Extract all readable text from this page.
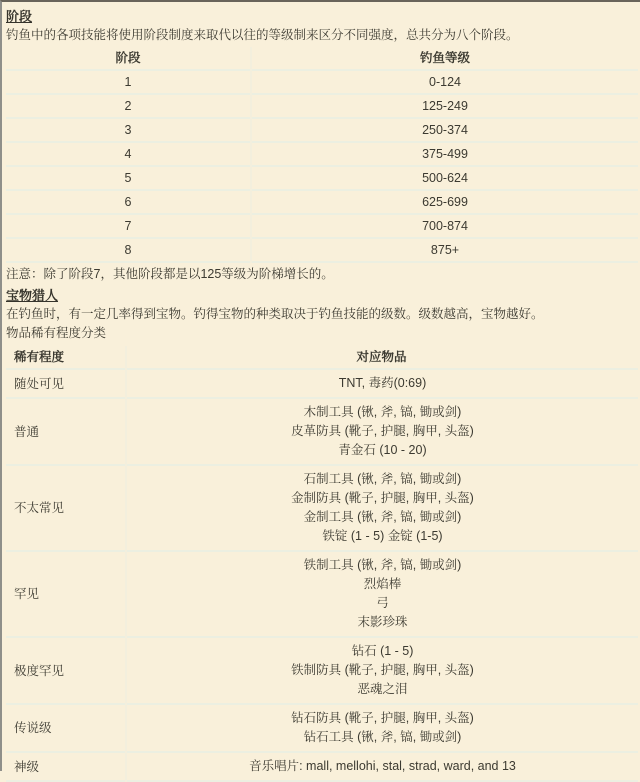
阶段

钓鱼中的各项技能将使用阶段制度来取代以往的等级制来区分不同强度，总共分为八个阶段。

阶段	钓鱼等级
1	0-124
2	125-249
3	250-374
4	375-499
5	500-624
6	625-699
7	700-874
8	875+

注意：除了阶段7，其他阶段都是以125等级为阶梯增长的。

宝物猎人

在钓鱼时，有一定几率得到宝物。钓得宝物的种类取决于钓鱼技能的级数。级数越高，宝物越好。

物品稀有程度分类

稀有程度	对应物品
随处可见	TNT, 毒药(0:69)

普通	木制工具 (锹, 斧, 镐, 锄或剑)
皮革防具 (靴子, 护腿, 胸甲, 头盔)
青金石 (10 - 20)

不太常见	石制工具 (锹, 斧, 镐, 锄或剑)
金制防具 (靴子, 护腿, 胸甲, 头盔)
金制工具 (锹, 斧, 镐, 锄或剑)
铁锭 (1 - 5) 金锭 (1-5)

罕见	铁制工具 (锹, 斧, 镐, 锄或剑)
烈焰棒
弓
末影珍珠

极度罕见	钻石 (1 - 5)
铁制防具 (靴子, 护腿, 胸甲, 头盔)
恶魂之泪

传说级	钻石防具 (靴子, 护腿, 胸甲, 头盔)
钻石工具 (锹, 斧, 镐, 锄或剑)

神级	音乐唱片: mall, mellohi, stal, strad, ward, and 13
